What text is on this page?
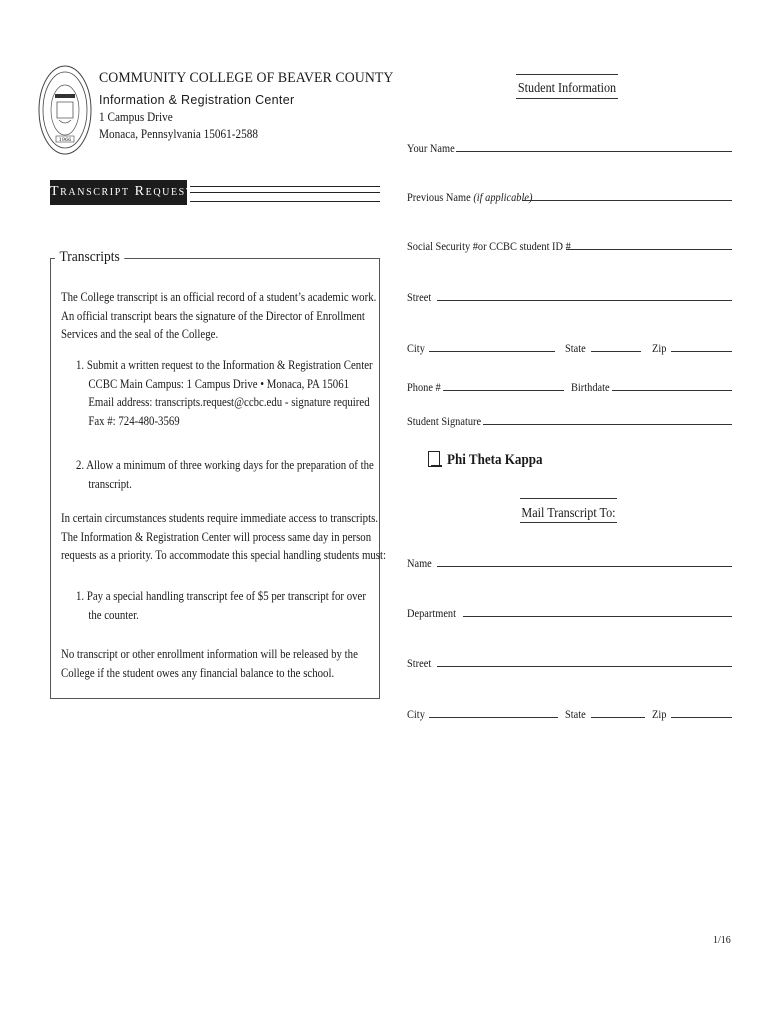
1966
COMMUNITY COLLEGE OF BEAVER COUNTY
Information & Registration Center
1 Campus Drive
Monaca, Pennsylvania 15061-2588
Transcript Request
Transcripts
The College transcript is an official record of a student’s academic work.
An official transcript bears the signature of the Director of Enrollment
Services and the seal of the College.
1. Submit a written request to the Information & Registration Center
CCBC Main Campus: 1 Campus Drive • Monaca, PA 15061
Email address: transcripts.request@ccbc.edu - signature required
Fax #: 724-480-3569
2. Allow a minimum of three working days for the preparation of the
transcript.
In certain circumstances students require immediate access to transcripts.
The Information & Registration Center will process same day in person
requests as a priority. To accommodate this special handling students must:
1. Pay a special handling transcript fee of $5 per transcript for over
the counter.
No transcript or other enrollment information will be released by the
College if the student owes any financial balance to the school.
Student Information
Your Name
Previous Name (if applicable)
Social Security #or CCBC student ID #
Street
City	State	Zip
Phone #	Birthdate
Student Signature
Phi Theta Kappa
Mail Transcript To:
Name
Department
Street
City	State	Zip
1/16
